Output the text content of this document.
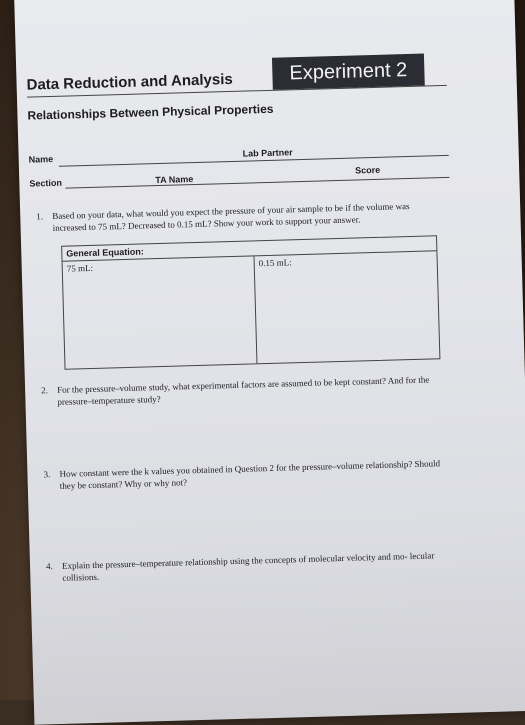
Data Reduction and Analysis	Experiment 2
Relationships Between Physical Properties
Name
Lab Partner
Section	TA Name
Score
1. Based on your data, what would you expect the pressure of your air sample to be if the volume was increased to 75 mL? Decreased to 0.15 mL? Show your work to support your answer.
General Equation:
75 mL:	0.15 mL:
2. For the pressure–volume study, what experimental factors are assumed to be kept constant? And for the pressure–temperature study?
3. How constant were the k values you obtained in Question 2 for the pressure–volume relationship? Should they be constant? Why or why not?
4. Explain the pressure–temperature relationship using the concepts of molecular velocity and mo- lecular collisions.
